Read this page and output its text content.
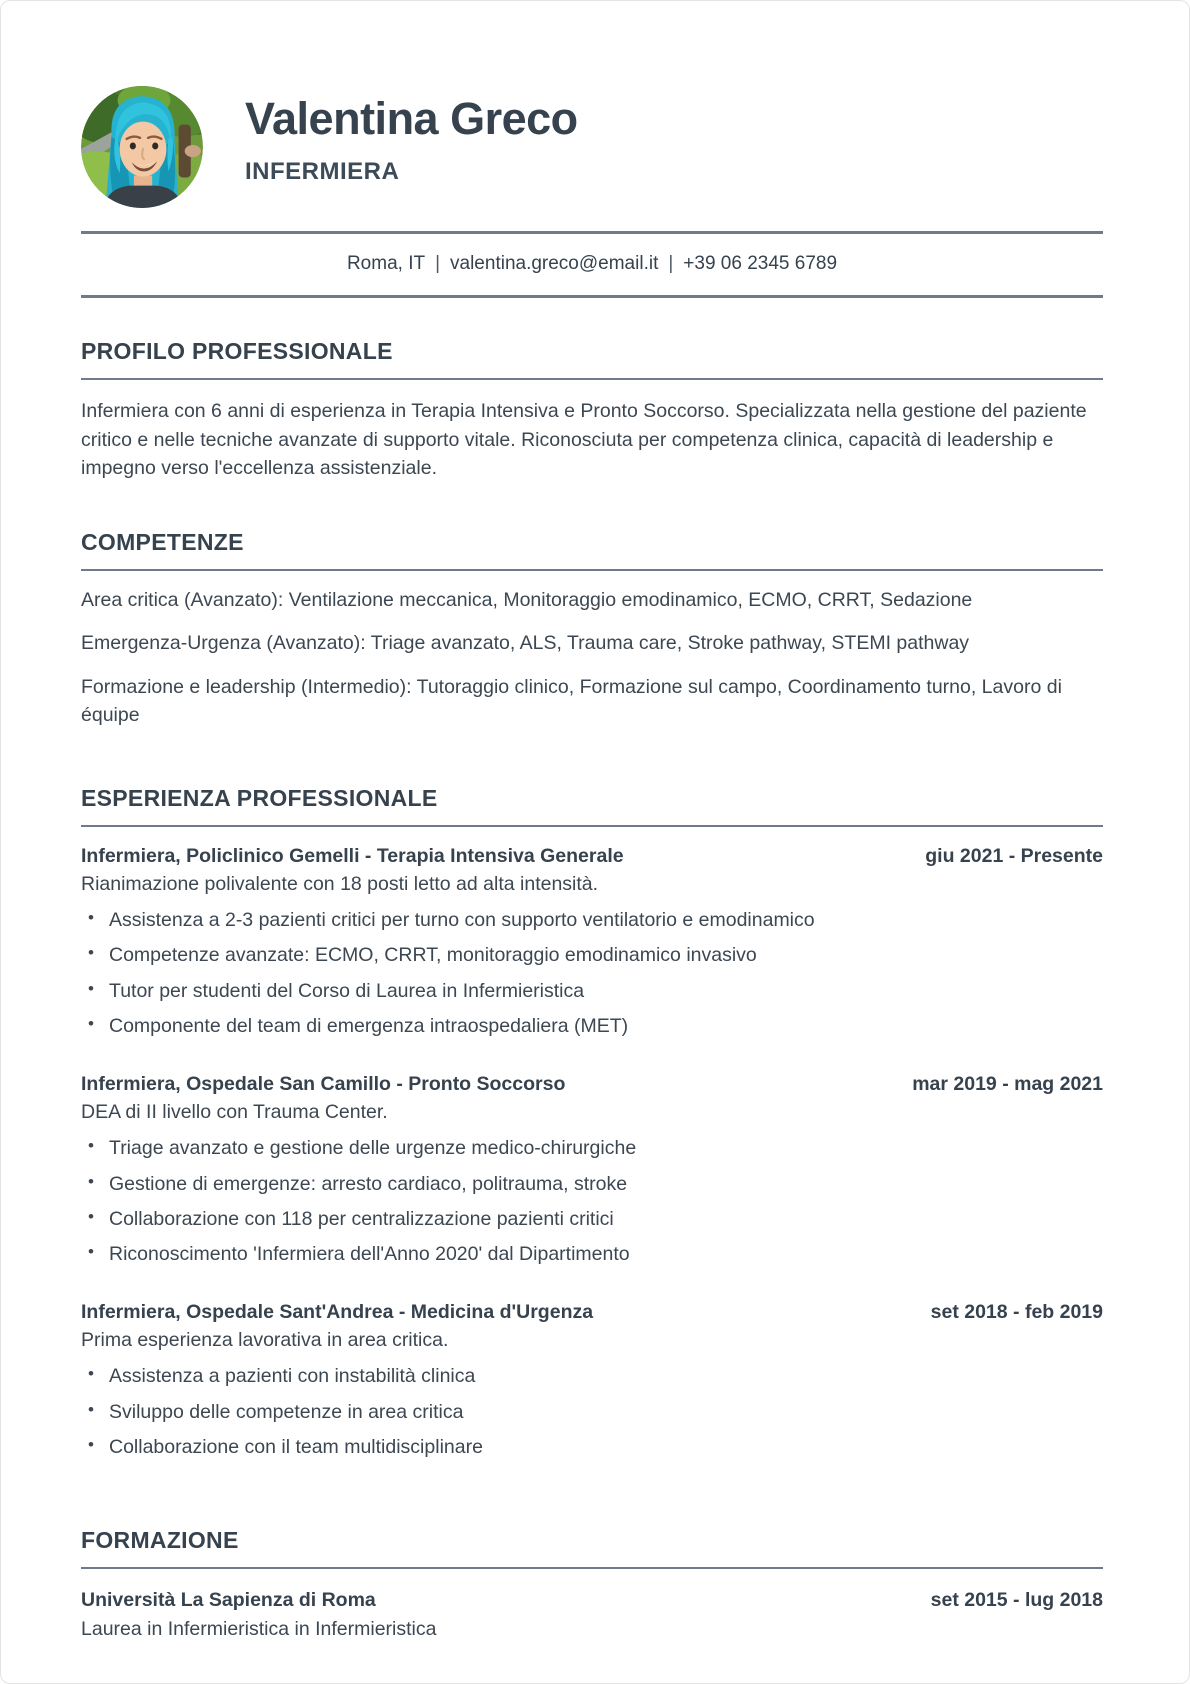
Valentina Greco
INFERMIERA
Roma, IT | valentina.greco@email.it | +39 06 2345 6789
PROFILO PROFESSIONALE

Infermiera con 6 anni di esperienza in Terapia Intensiva e Pronto Soccorso. Specializzata nella gestione del paziente critico e nelle tecniche avanzate di supporto vitale. Riconosciuta per competenza clinica, capacità di leadership e impegno verso l'eccellenza assistenziale.

COMPETENZE
Area critica (Avanzato): Ventilazione meccanica, Monitoraggio emodinamico, ECMO, CRRT, Sedazione
Emergenza-Urgenza (Avanzato): Triage avanzato, ALS, Trauma care, Stroke pathway, STEMI pathway
Formazione e leadership (Intermedio): Tutoraggio clinico, Formazione sul campo, Coordinamento turno, Lavoro di équipe
ESPERIENZA PROFESSIONALE
Infermiera, Policlinico Gemelli - Terapia Intensiva Generale	giu 2021 - Presente
Rianimazione polivalente con 18 posti letto ad alta intensità.
• Assistenza a 2-3 pazienti critici per turno con supporto ventilatorio e emodinamico
• Competenze avanzate: ECMO, CRRT, monitoraggio emodinamico invasivo
• Tutor per studenti del Corso di Laurea in Infermieristica
• Componente del team di emergenza intraospedaliera (MET)
Infermiera, Ospedale San Camillo - Pronto Soccorso	mar 2019 - mag 2021
DEA di II livello con Trauma Center.
• Triage avanzato e gestione delle urgenze medico-chirurgiche
• Gestione di emergenze: arresto cardiaco, politrauma, stroke
• Collaborazione con 118 per centralizzazione pazienti critici
• Riconoscimento 'Infermiera dell'Anno 2020' dal Dipartimento
Infermiera, Ospedale Sant'Andrea - Medicina d'Urgenza	set 2018 - feb 2019
Prima esperienza lavorativa in area critica.
• Assistenza a pazienti con instabilità clinica
• Sviluppo delle competenze in area critica
• Collaborazione con il team multidisciplinare
FORMAZIONE
Università La Sapienza di Roma	set 2015 - lug 2018
Laurea in Infermieristica in Infermieristica
